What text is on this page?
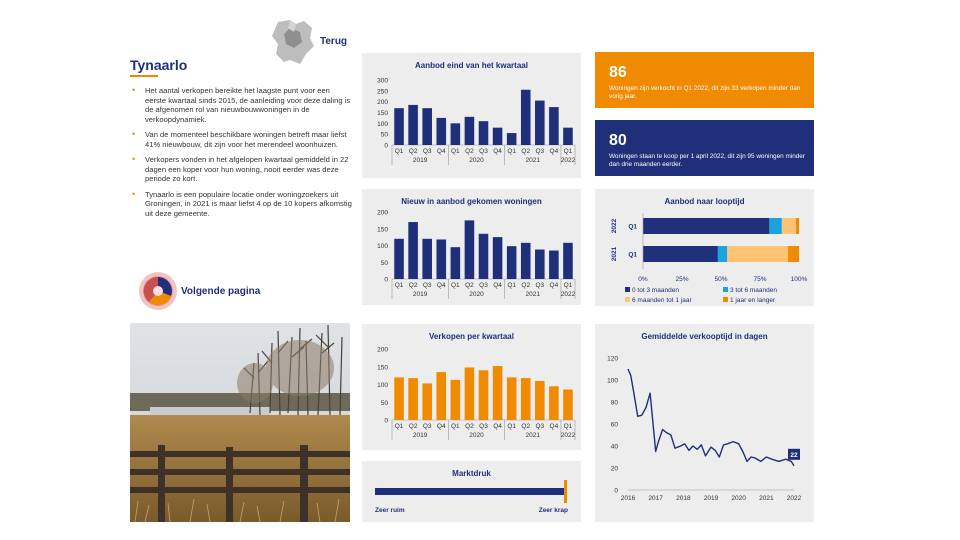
Terug
Tynaarlo
• Het aantal verkopen bereikte het laagste punt voor een eerste kwartaal sinds 2015, de aanleiding voor deze daling is de afgenomen rol van nieuwbouwwoningen in de verkoopdynamiek.
• Van de momenteel beschikbare woningen betreft maar liefst 41% nieuwbouw, dit zijn voor het merendeel woonhuizen.
• Verkopers vonden in het afgelopen kwartaal gemiddeld in 22 dagen een koper voor hun woning, nooit eerder was deze periode zo kort.
• Tynaarlo is een populaire locatie onder woningzoekers uit Groningen, in 2021 is maar liefst 4 op de 10 kopers afkomstig uit deze gemeente.
Volgende pagina
Aanbod eind van het kwartaal
0
50
100
150
200
250
300
Q1 Q2 Q3 Q4 Q1 Q2 Q3 Q4 Q1 Q2 Q3 Q4 Q1
2019	2020	2021	2022
Nieuw in aanbod gekomen woningen
0
50
100
150
200
Q1 Q2 Q3 Q4 Q1 Q2 Q3 Q4 Q1 Q2 Q3 Q4 Q1
2019	2020	2021	2022
Verkopen per kwartaal
0
50
100
150
200
Q1 Q2 Q3 Q4 Q1 Q2 Q3 Q4 Q1 Q2 Q3 Q4 Q1
2019	2020	2021	2022
Marktdruk
Zeer ruim	Zeer krap
86
Woningen zijn verkocht in Q1 2022, dit zijn 33 verkopen minder dan vorig jaar.
80
Woningen staan te koop per 1 april 2022, dit zijn 95 woningen minder dan drie maanden eerder.
Aanbod naar looptijd
2022 Q1
2021 Q1
0%	25%	50%	75%	100%
0 tot 3 maanden	3 tot 6 maanden
6 maanden tot 1 jaar	1 jaar en langer
Gemiddelde verkooptijd in dagen
0
20
40
60
80
100
120
2016 2017 2018 2019 2020 2021 2022
22
